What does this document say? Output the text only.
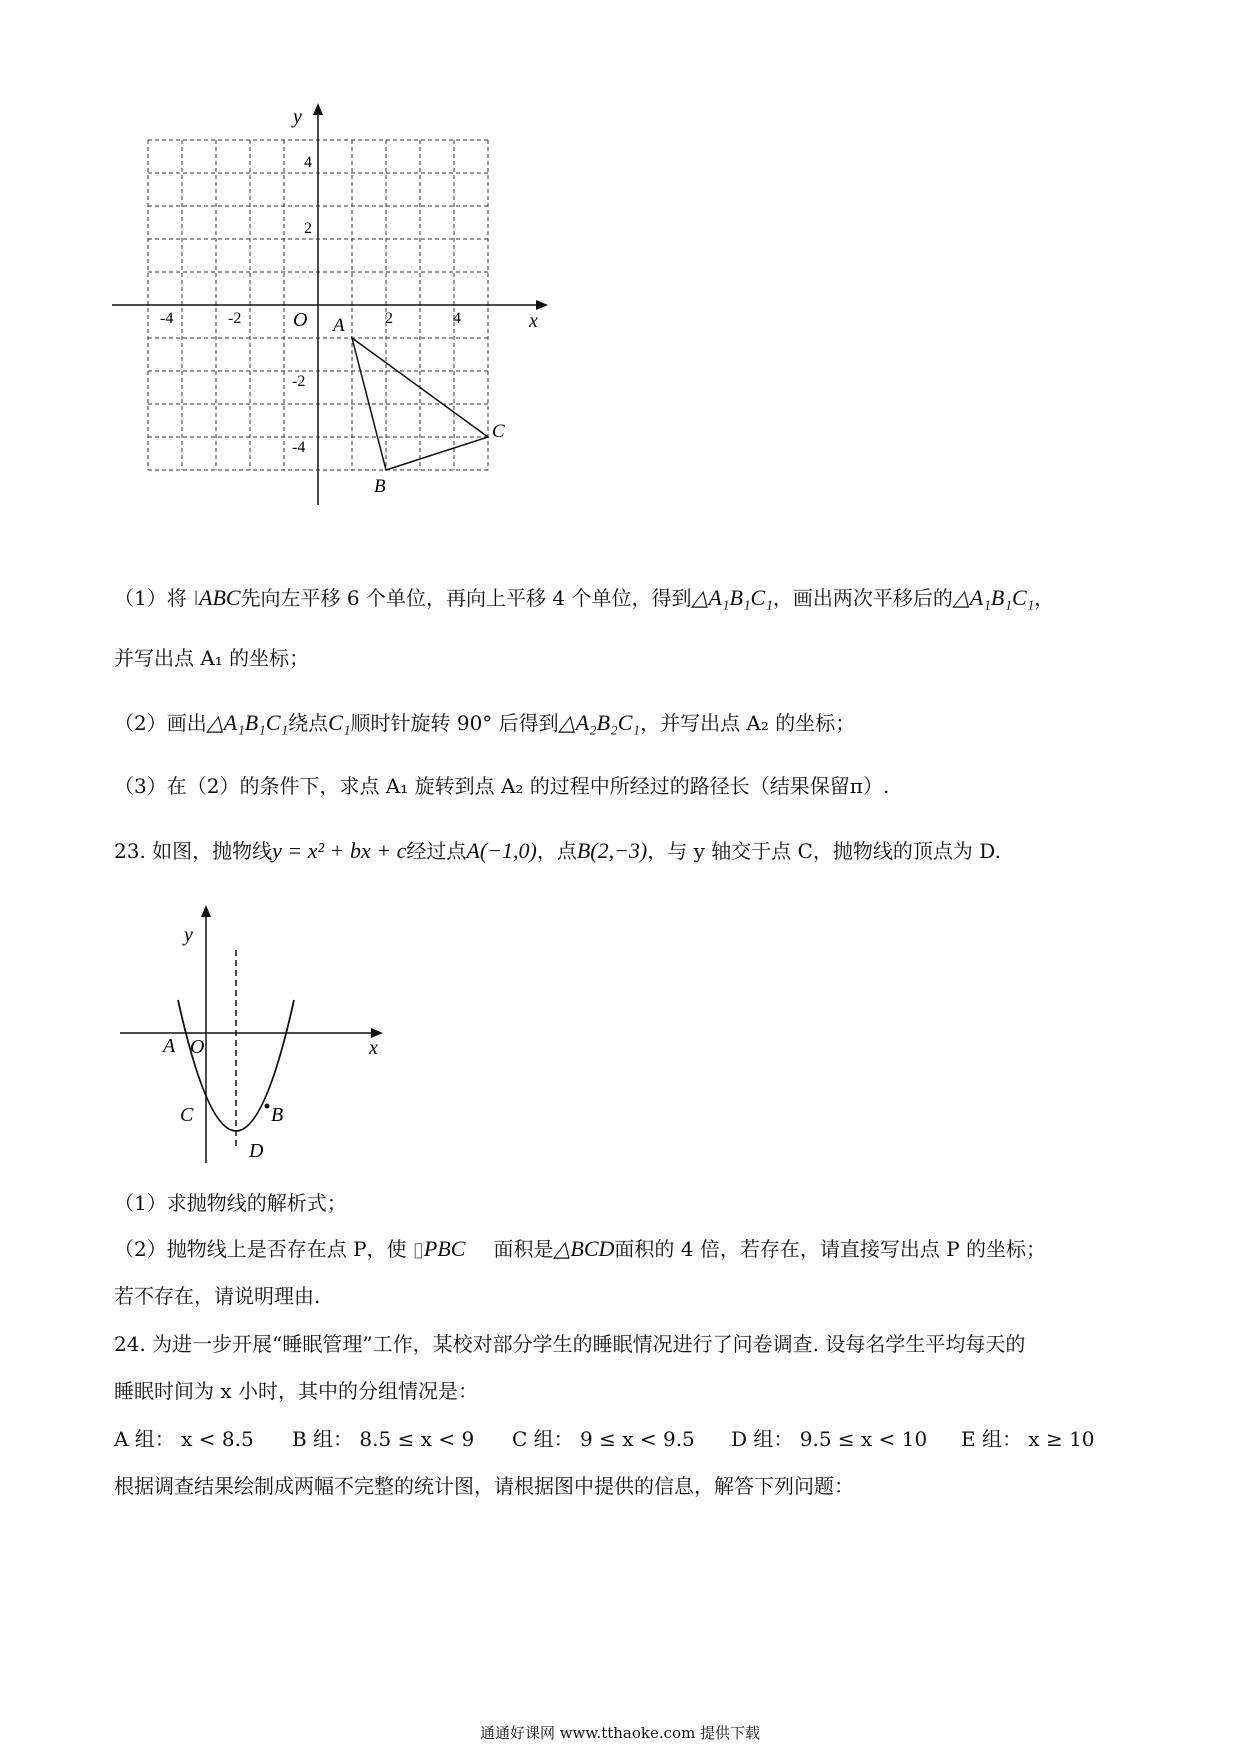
x
y
O
-4	-2	2	4
4
2
-2
-4
A
B
C
（1）将 ǀABC先向左平移 6 个单位，再向上平移 4 个单位，得到△A₁B₁C₁，画出两次平移后的△A₁B₁C₁，
并写出点 A₁ 的坐标；
（2）画出△A₁B₁C₁绕点C₁顺时针旋转 90° 后得到△A₂B₂C₁，并写出点 A₂ 的坐标；
（3）在（2）的条件下，求点 A₁ 旋转到点 A₂ 的过程中所经过的路径长（结果保留π）.
23. 如图，抛物线y = x² + bx + c经过点A(−1,0)，点B(2,−3)，与 y 轴交于点 C，抛物线的顶点为 D.
x
y
O
A
B
C
D
（1）求抛物线的解析式；
（2）抛物线上是否存在点 P，使 ▯PBC 面积是△BCD面积的 4 倍，若存在，请直接写出点 P 的坐标；
若不存在，请说明理由.
24. 为进一步开展“睡眠管理”工作，某校对部分学生的睡眠情况进行了问卷调查. 设每名学生平均每天的
睡眠时间为 x 小时，其中的分组情况是：
A 组： x < 8.5 B 组： 8.5 ≤ x < 9 C 组： 9 ≤ x < 9.5 D 组： 9.5 ≤ x < 10 E 组： x ≥ 10
根据调查结果绘制成两幅不完整的统计图，请根据图中提供的信息，解答下列问题：
通通好课网 www.tthaoke.com 提供下载
